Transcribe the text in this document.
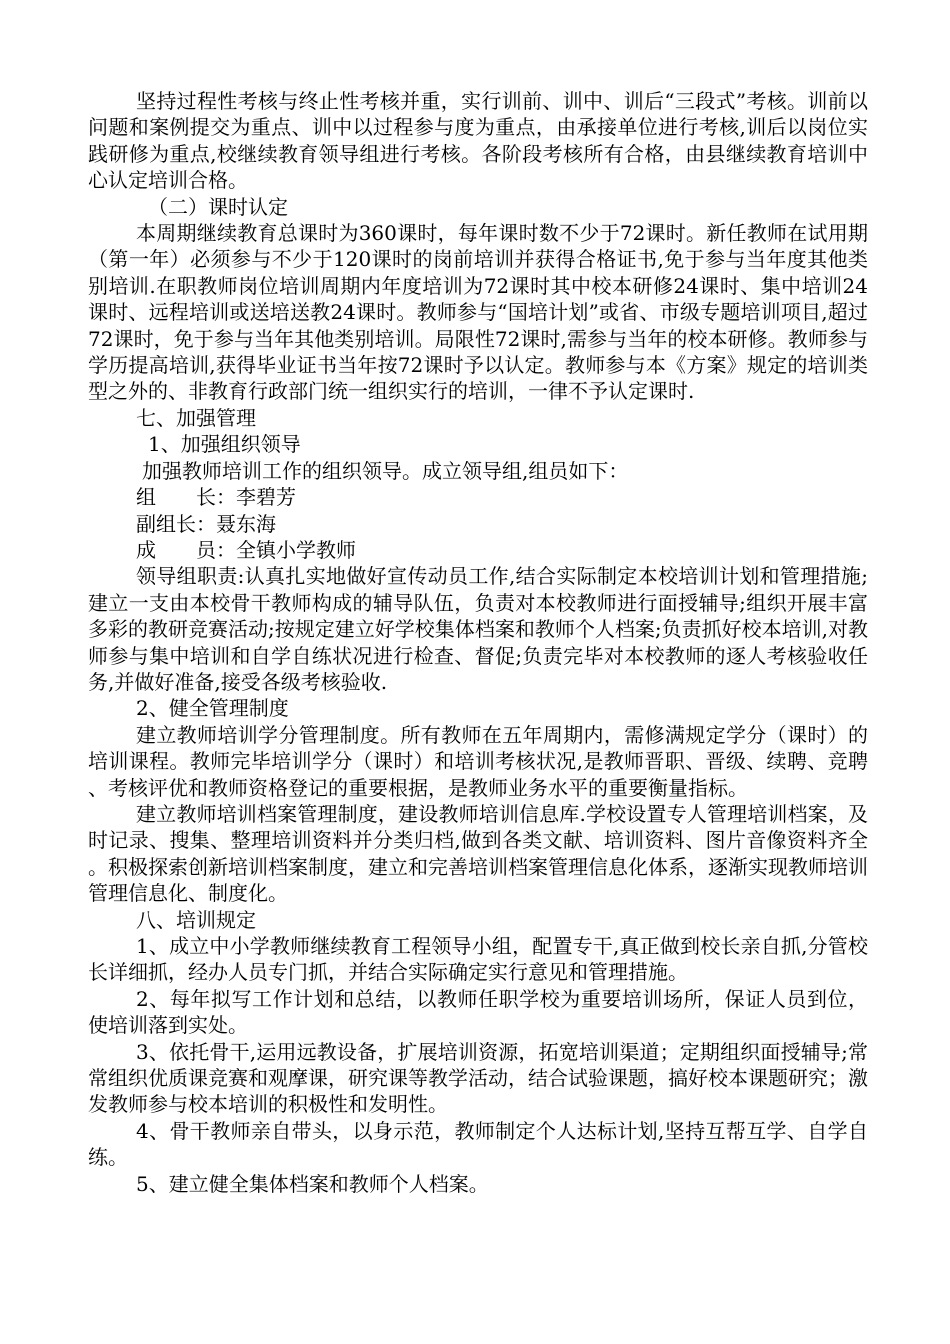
坚持过程性考核与终止性考核并重，实行训前、训中、训后“三段式”考核。训前以问题和案例提交为重点、训中以过程参与度为重点，由承接单位进行考核,训后以岗位实践研修为重点,校继续教育领导组进行考核。各阶段考核所有合格，由县继续教育培训中心认定培训合格。

（二）课时认定

本周期继续教育总课时为360课时，每年课时数不少于72课时。新任教师在试用期（第一年）必须参与不少于120课时的岗前培训并获得合格证书,免于参与当年度其他类别培训.在职教师岗位培训周期内年度培训为72课时其中校本研修24课时、集中培训24课时、远程培训或送培送教24课时。教师参与“国培计划”或省、市级专题培训项目,超过72课时，免于参与当年其他类别培训。局限性72课时,需参与当年的校本研修。教师参与学历提高培训,获得毕业证书当年按72课时予以认定。教师参与本《方案》规定的培训类型之外的、非教育行政部门统一组织实行的培训，一律不予认定课时.

七、加强管理

1、加强组织领导

加强教师培训工作的组织领导。成立领导组,组员如下：

组　　长：李碧芳

副组长：聂东海

成　　员：全镇小学教师

领导组职责:认真扎实地做好宣传动员工作,结合实际制定本校培训计划和管理措施;建立一支由本校骨干教师构成的辅导队伍，负责对本校教师进行面授辅导;组织开展丰富多彩的教研竞赛活动;按规定建立好学校集体档案和教师个人档案;负责抓好校本培训,对教师参与集中培训和自学自练状况进行检查、督促;负责完毕对本校教师的逐人考核验收任务,并做好准备,接受各级考核验收.

2、健全管理制度

建立教师培训学分管理制度。所有教师在五年周期内，需修满规定学分（课时）的培训课程。教师完毕培训学分（课时）和培训考核状况,是教师晋职、晋级、续聘、竞聘、考核评优和教师资格登记的重要根据，是教师业务水平的重要衡量指标。

建立教师培训档案管理制度，建设教师培训信息库.学校设置专人管理培训档案，及时记录、搜集、整理培训资料并分类归档,做到各类文献、培训资料、图片音像资料齐全。积极探索创新培训档案制度，建立和完善培训档案管理信息化体系，逐渐实现教师培训管理信息化、制度化。

八、培训规定

1、成立中小学教师继续教育工程领导小组，配置专干,真正做到校长亲自抓,分管校长详细抓，经办人员专门抓，并结合实际确定实行意见和管理措施。

2、每年拟写工作计划和总结，以教师任职学校为重要培训场所，保证人员到位，使培训落到实处。

3、依托骨干,运用远教设备，扩展培训资源，拓宽培训渠道；定期组织面授辅导;常常组织优质课竞赛和观摩课，研究课等教学活动，结合试验课题，搞好校本课题研究；激发教师参与校本培训的积极性和发明性。

4、骨干教师亲自带头，以身示范，教师制定个人达标计划,坚持互帮互学、自学自练。

5、建立健全集体档案和教师个人档案。
